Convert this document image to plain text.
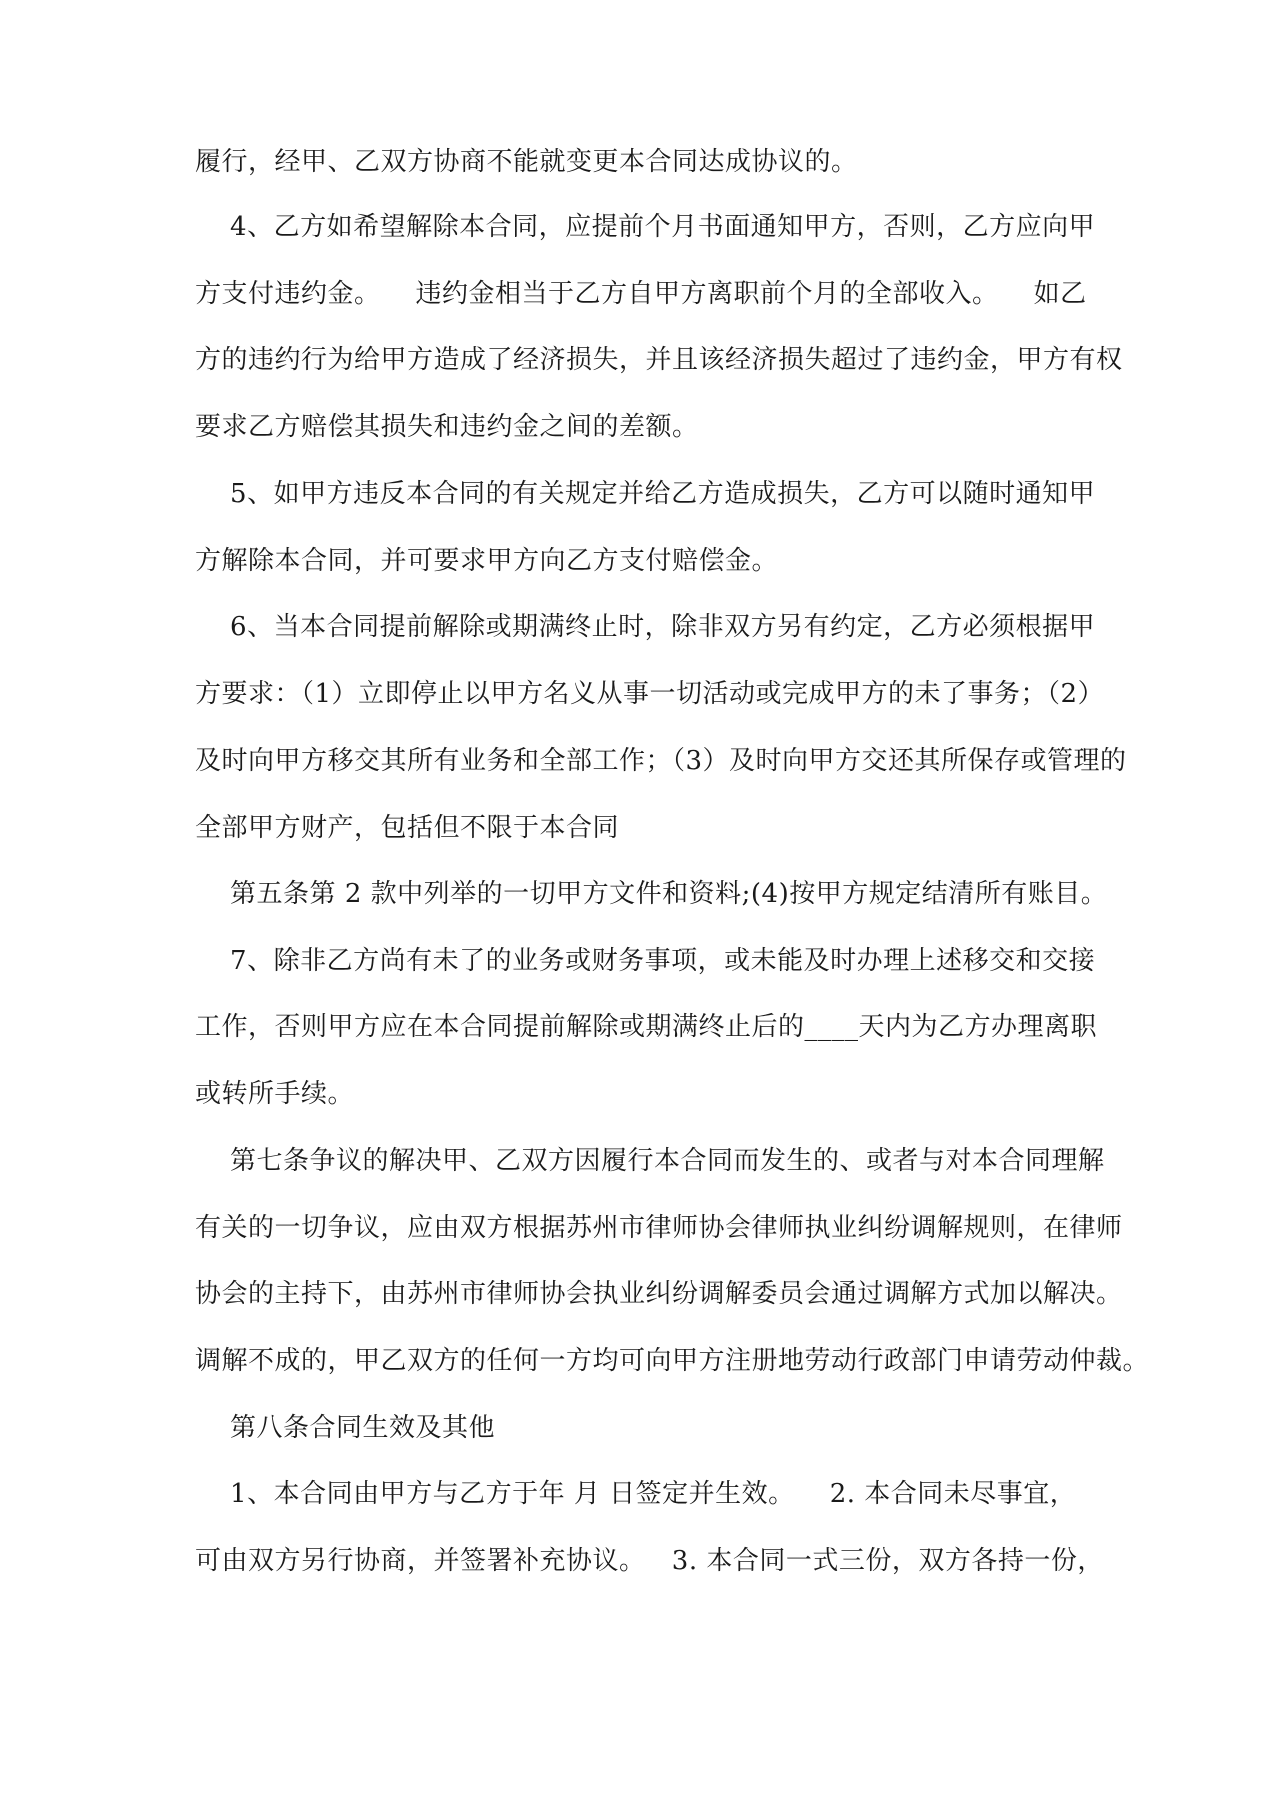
履行，经甲、乙双方协商不能就变更本合同达成协议的。
4、乙方如希望解除本合同，应提前个月书面通知甲方，否则，乙方应向甲
方支付违约金。    违约金相当于乙方自甲方离职前个月的全部收入。    如乙
方的违约行为给甲方造成了经济损失，并且该经济损失超过了违约金，甲方有权
要求乙方赔偿其损失和违约金之间的差额。
5、如甲方违反本合同的有关规定并给乙方造成损失，乙方可以随时通知甲
方解除本合同，并可要求甲方向乙方支付赔偿金。
6、当本合同提前解除或期满终止时，除非双方另有约定，乙方必须根据甲
方要求：（1）立即停止以甲方名义从事一切活动或完成甲方的未了事务；（2）
及时向甲方移交其所有业务和全部工作；（3）及时向甲方交还其所保存或管理的
全部甲方财产，包括但不限于本合同
第五条第 2 款中列举的一切甲方文件和资料;(4)按甲方规定结清所有账目。
7、除非乙方尚有未了的业务或财务事项，或未能及时办理上述移交和交接
工作，否则甲方应在本合同提前解除或期满终止后的____天内为乙方办理离职
或转所手续。
第七条争议的解决甲、乙双方因履行本合同而发生的、或者与对本合同理解
有关的一切争议，应由双方根据苏州市律师协会律师执业纠纷调解规则，在律师
协会的主持下，由苏州市律师协会执业纠纷调解委员会通过调解方式加以解决。
调解不成的，甲乙双方的任何一方均可向甲方注册地劳动行政部门申请劳动仲裁。
第八条合同生效及其他
1、本合同由甲方与乙方于年 月 日签定并生效。    2. 本合同未尽事宜，
可由双方另行协商，并签署补充协议。   3. 本合同一式三份，双方各持一份，
